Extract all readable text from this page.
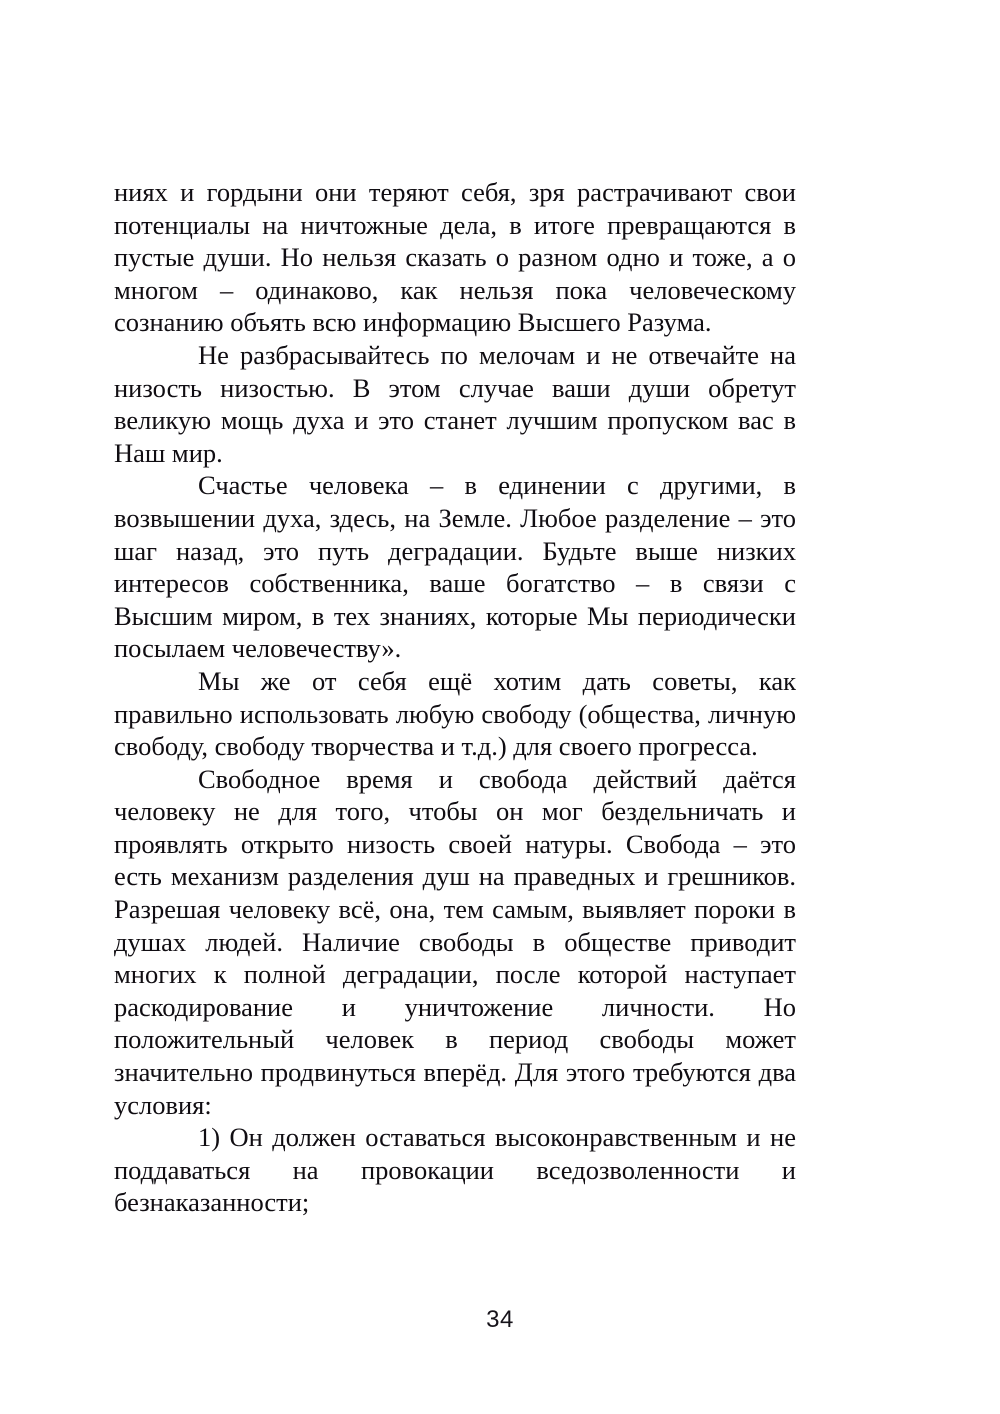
ниях и гордыни они теряют себя, зря растрачивают свои потенциалы на ничтожные дела, в итоге превращаются в пустые души. Но нельзя сказать о разном одно и тоже, а о многом – одинаково, как нельзя пока человеческому сознанию объять всю информацию Высшего Разума.

Не разбрасывайтесь по мелочам и не отвечайте на низость низостью. В этом случае ваши души обретут великую мощь духа и это станет лучшим пропуском вас в Наш мир.

Счастье человека – в единении с другими, в возвышении духа, здесь, на Земле. Любое разделение – это шаг назад, это путь деградации. Будьте выше низких интересов собственника, ваше богатство – в связи с Высшим миром, в тех знаниях, которые Мы периодически посылаем человечеству».

Мы же от себя ещё хотим дать советы, как правильно использовать любую свободу (общества, личную свободу, свободу творчества и т.д.) для своего прогресса.

Свободное время и свобода действий даётся человеку не для того, чтобы он мог бездельничать и проявлять открыто низость своей натуры. Свобода – это есть механизм разделения душ на праведных и грешников. Разрешая человеку всё, она, тем самым, выявляет пороки в душах людей. Наличие свободы в обществе приводит многих к полной деградации, после которой наступает раскодирование и уничтожение личности. Но положительный человек в период свободы может значительно продвинуться вперёд. Для этого требуются два условия:

1) Он должен оставаться высоконравственным и не поддаваться на провокации вседозволенности и безнаказанности;

34
